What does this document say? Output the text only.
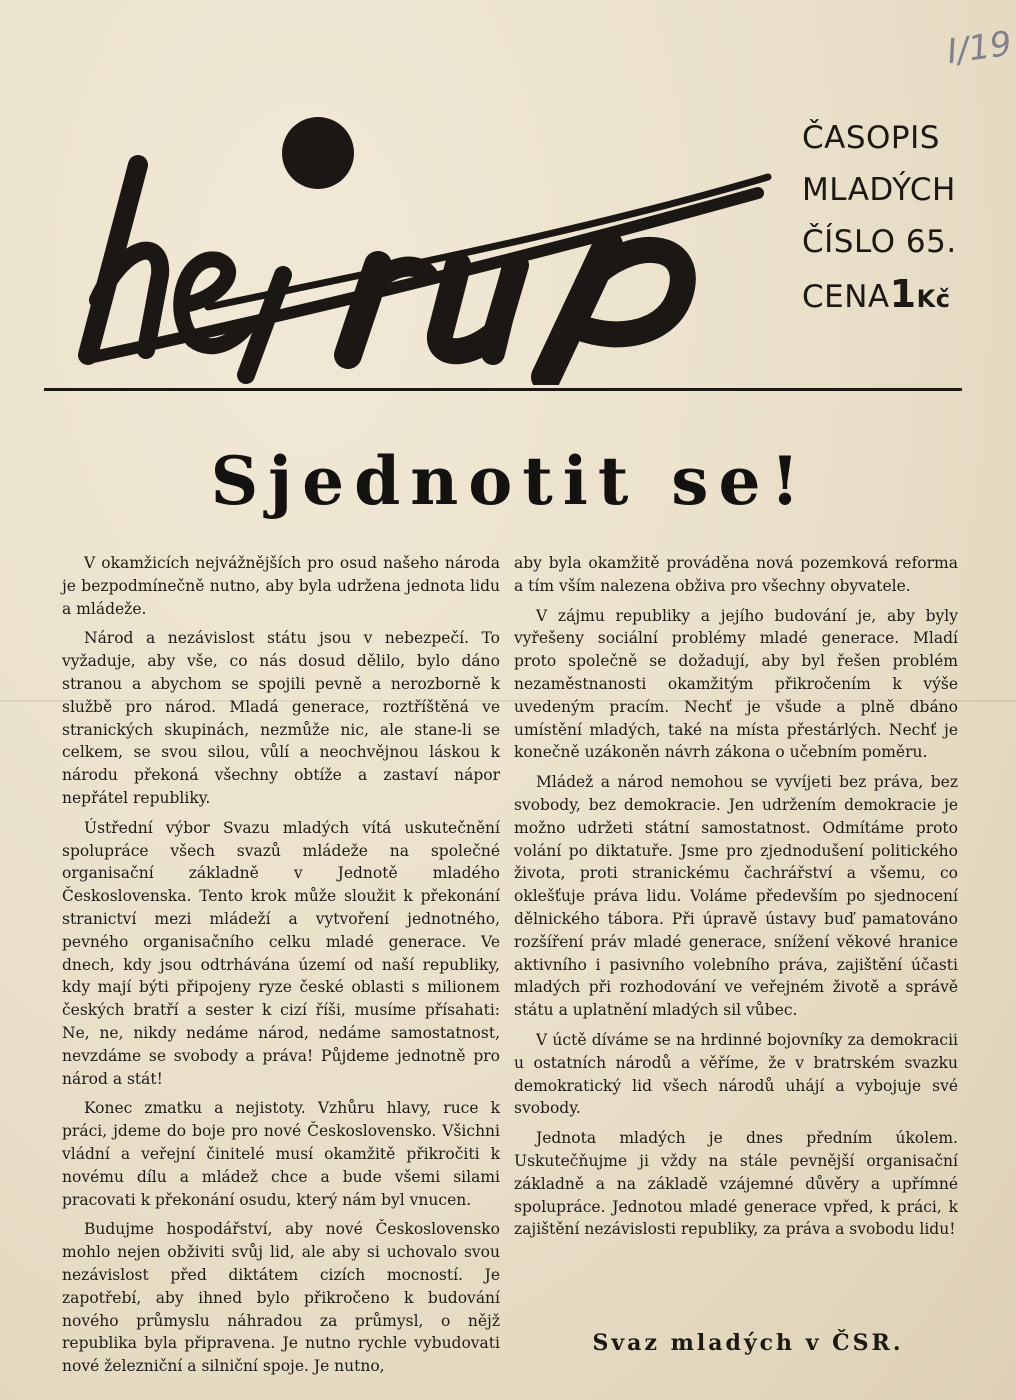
I/19
ČASOPIS
MLADÝCH
ČÍSLO 65.
CENA1Kč
Sjednotit se!

V okamžicích nejvážnějších pro osud našeho národa je bezpodmínečně nutno, aby byla udržena jednota lidu a mládeže.

Národ a nezávislost státu jsou v nebezpečí. To vyžaduje, aby vše, co nás dosud dělilo, bylo dáno stranou a abychom se spojili pevně a nerozborně k službě pro národ. Mladá generace, roztříštěná ve stranických skupinách, nezmůže nic, ale stane-li se celkem, se svou silou, vůlí a neochvějnou láskou k národu překoná všechny obtíže a zastaví nápor nepřátel republiky.

Ústřední výbor Svazu mladých vítá uskutečnění spolupráce všech svazů mládeže na společné organisační základně v Jednotě mladého Československa. Tento krok může sloužit k překonání stranictví mezi mládeží a vytvoření jednotného, pevného organisačního celku mladé generace. Ve dnech, kdy jsou odtrhávána území od naší republiky, kdy mají býti připojeny ryze české oblasti s milionem českých bratří a sester k cizí říši, musíme přísahati: Ne, ne, nikdy nedáme národ, nedáme samostatnost, nevzdáme se svobody a práva! Půjdeme jednotně pro národ a stát!

Konec zmatku a nejistoty. Vzhůru hlavy, ruce k práci, jdeme do boje pro nové Československo. Všichni vládní a veřejní činitelé musí okamžitě přikročiti k novému dílu a mládež chce a bude všemi silami pracovati k překonání osudu, který nám byl vnucen.

Budujme hospodářství, aby nové Československo mohlo nejen obživiti svůj lid, ale aby si uchovalo svou nezávislost před diktátem cizích mocností. Je zapotřebí, aby ihned bylo přikročeno k budování nového průmyslu náhradou za průmysl, o nějž republika byla připravena. Je nutno rychle vybudovati nové železniční a silniční spoje. Je nutno,

aby byla okamžitě prováděna nová pozemková reforma a tím vším nalezena obživa pro všechny obyvatele.

V zájmu republiky a jejího budování je, aby byly vyřešeny sociální problémy mladé generace. Mladí proto společně se dožadují, aby byl řešen problém nezaměstnanosti okamžitým přikročením k výše uvedeným pracím. Nechť je všude a plně dbáno umístění mladých, také na místa přestárlých. Nechť je konečně uzákoněn návrh zákona o učebním poměru.

Mládež a národ nemohou se vyvíjeti bez práva, bez svobody, bez demokracie. Jen udržením demokracie je možno udržeti státní samostatnost. Odmítáme proto volání po diktatuře. Jsme pro zjednodušení politického života, proti stranickému čachrářství a všemu, co oklešťuje práva lidu. Voláme především po sjednocení dělnického tábora. Při úpravě ústavy buď pamatováno rozšíření práv mladé generace, snížení věkové hranice aktivního i pasivního volebního práva, zajištění účasti mladých při rozhodování ve veřejném životě a správě státu a uplatnění mladých sil vůbec.

V úctě díváme se na hrdinné bojovníky za demokracii u ostatních národů a věříme, že v bratrském svazku demokratický lid všech národů uhájí a vybojuje své svobody.

Jednota mladých je dnes předním úkolem. Uskutečňujme ji vždy na stále pevnější organisační základně a na základě vzájemné důvěry a upřímné spolupráce. Jednotou mladé generace vpřed, k práci, k zajištění nezávislosti republiky, za práva a svobodu lidu!

Svaz mladých v ČSR.
